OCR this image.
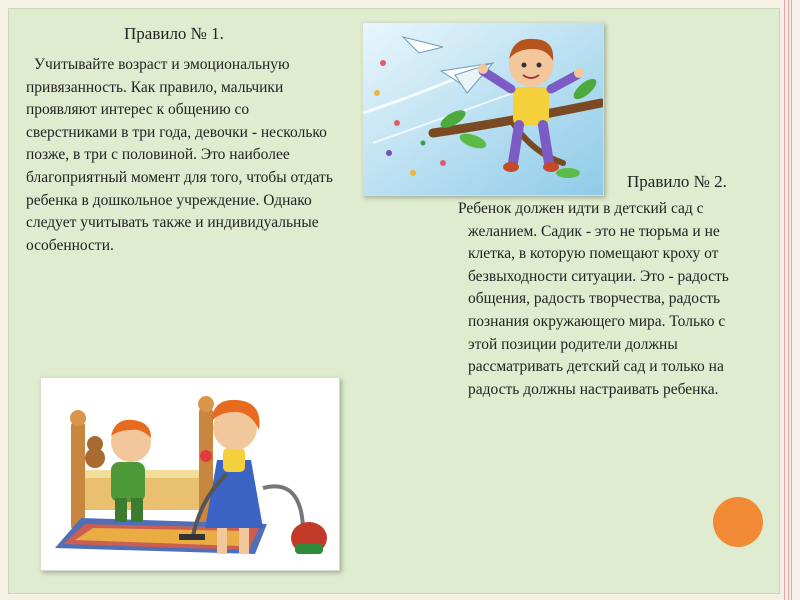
Правило № 1.

Учитывайте возраст и эмоциональную привязанность. Как правило, мальчики проявляют интерес к общению со сверстниками в три года, девочки - несколько позже, в три с половиной. Это наиболее благоприятный момент для того, чтобы отдать ребенка в дошкольное учреждение. Однако следует учитывать также и индивидуальные особенности.

Правило № 2.

Ребенок должен идти в детский сад с желанием. Садик - это не тюрьма и не клетка, в которую помещают кроху от безвыходности ситуации. Это - радость общения, радость творчества, радость познания окружающего мира. Только с этой позиции родители должны рассматривать детский сад и только на радость должны настраивать ребенка.
